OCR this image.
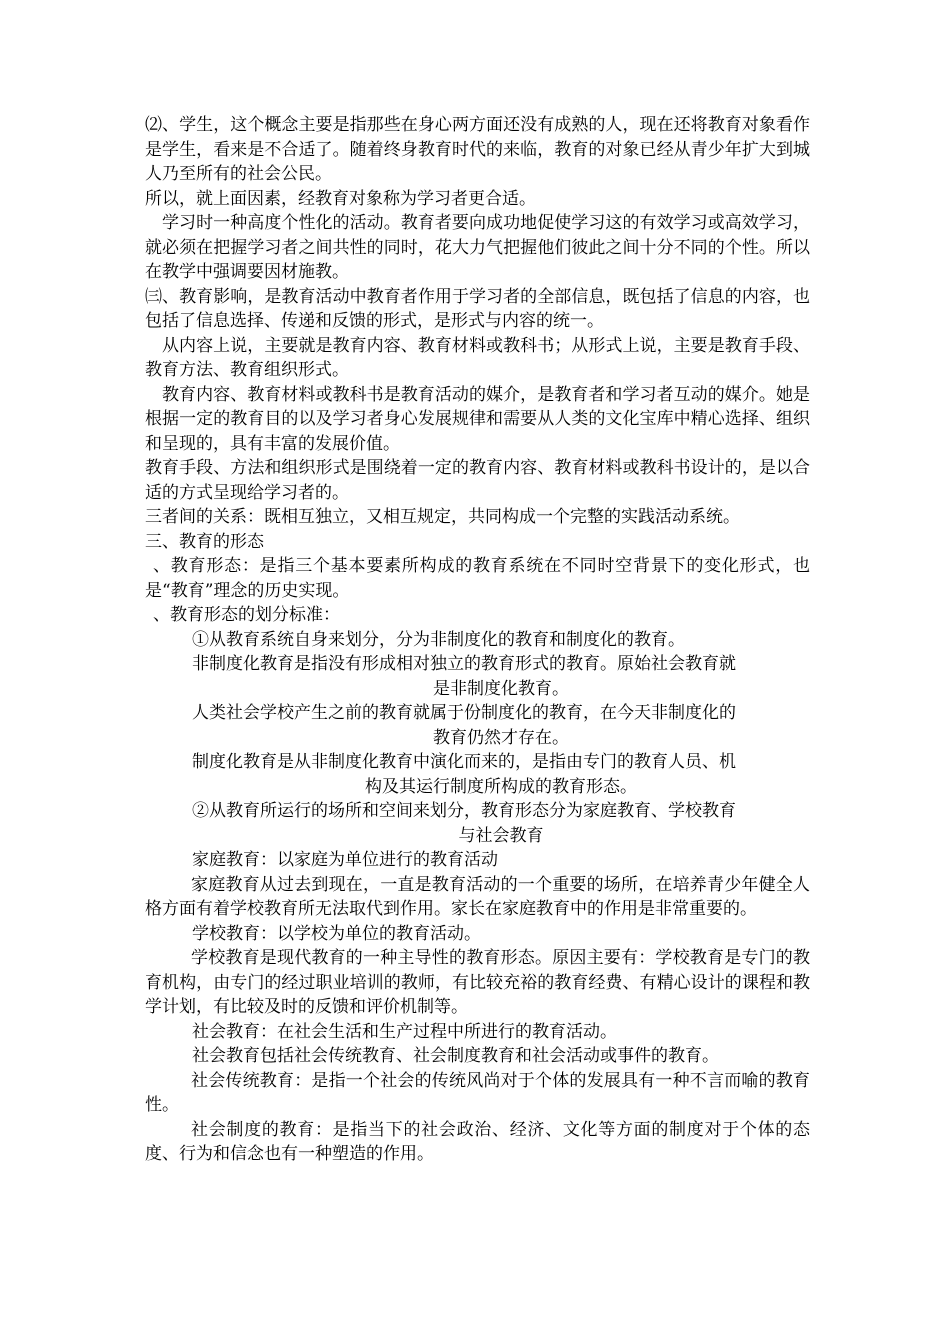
⑵、学生，这个概念主要是指那些在身心两方面还没有成熟的人，现在还将教育对象看作是学生，看来是不合适了。随着终身教育时代的来临，教育的对象已经从青少年扩大到城人乃至所有的社会公民。

所以，就上面因素，经教育对象称为学习者更合适。

学习时一种高度个性化的活动。教育者要向成功地促使学习这的有效学习或高效学习，就必须在把握学习者之间共性的同时，花大力气把握他们彼此之间十分不同的个性。所以在教学中强调要因材施教。

㈢、教育影响，是教育活动中教育者作用于学习者的全部信息，既包括了信息的内容，也包括了信息选择、传递和反馈的形式，是形式与内容的统一。

从内容上说，主要就是教育内容、教育材料或教科书；从形式上说，主要是教育手段、教育方法、教育组织形式。

教育内容、教育材料或教科书是教育活动的媒介，是教育者和学习者互动的媒介。她是根据一定的教育目的以及学习者身心发展规律和需要从人类的文化宝库中精心选择、组织和呈现的，具有丰富的发展价值。

教育手段、方法和组织形式是围绕着一定的教育内容、教育材料或教科书设计的，是以合适的方式呈现给学习者的。

三者间的关系：既相互独立，又相互规定，共同构成一个完整的实践活动系统。

三、教育的形态

、教育形态：是指三个基本要素所构成的教育系统在不同时空背景下的变化形式，也是“教育”理念的历史实现。

、教育形态的划分标准：

①从教育系统自身来划分，分为非制度化的教育和制度化的教育。

非制度化教育是指没有形成相对独立的教育形式的教育。原始社会教育就
是非制度化教育。
人类社会学校产生之前的教育就属于份制度化的教育，在今天非制度化的
教育仍然才存在。
制度化教育是从非制度化教育中演化而来的，是指由专门的教育人员、机
构及其运行制度所构成的教育形态。
②从教育所运行的场所和空间来划分，教育形态分为家庭教育、学校教育
与社会教育

家庭教育：以家庭为单位进行的教育活动

家庭教育从过去到现在，一直是教育活动的一个重要的场所，在培养青少年健全人格方面有着学校教育所无法取代到作用。家长在家庭教育中的作用是非常重要的。

学校教育：以学校为单位的教育活动。

学校教育是现代教育的一种主导性的教育形态。原因主要有：学校教育是专门的教育机构，由专门的经过职业培训的教师，有比较充裕的教育经费、有精心设计的课程和教学计划，有比较及时的反馈和评价机制等。

社会教育：在社会生活和生产过程中所进行的教育活动。

社会教育包括社会传统教育、社会制度教育和社会活动或事件的教育。

社会传统教育：是指一个社会的传统风尚对于个体的发展具有一种不言而喻的教育性。

社会制度的教育：是指当下的社会政治、经济、文化等方面的制度对于个体的态度、行为和信念也有一种塑造的作用。
